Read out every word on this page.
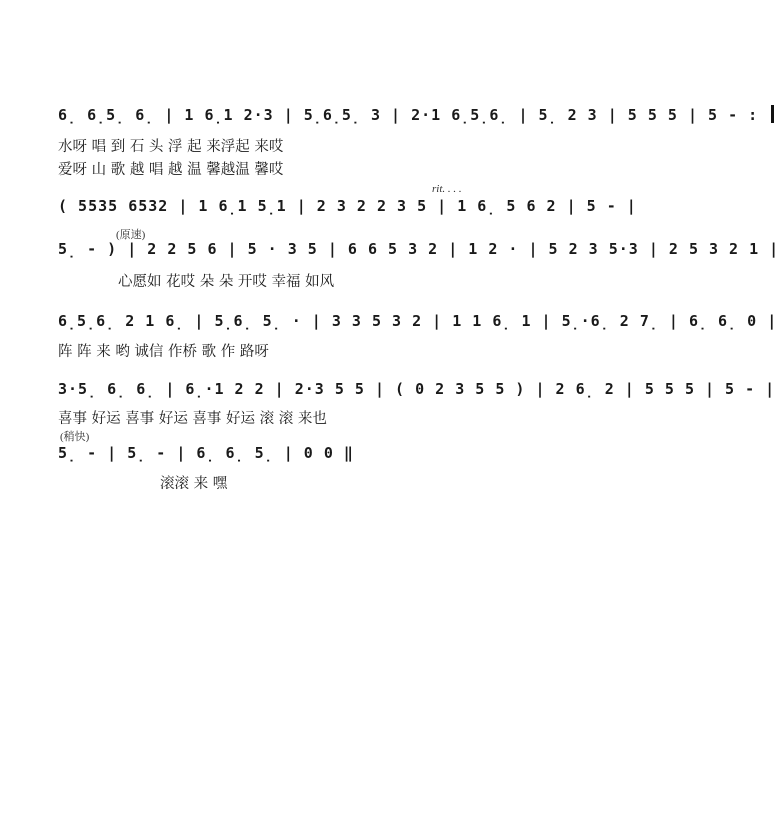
6̣ 6̣5̣ 6̣ | 1 6̣1 2·3 | 5̣6̣5̣ 3 | 2·1 6̣5̣6̣ | 5̣ 2 3 | 5 5 5 | 5 - :
水呀 唱 到 石 头 浮 起 来浮起 来哎
爱呀 山 歌 越 唱 越 温 馨越温 馨哎
rit. . . .
( 5535 6532 | 1 6̣1 5̣1 | 2 3 2 2 3 5 | 1 6̣ 5 6 2 | 5 - |
(原速)
5̣ - ) | 2 2 5 6 | 5 · 3 5 | 6 6 5 3 2 | 1 2 · | 5 2 3 5·3 | 2 5 3 2 1 |
心愿如 花哎 朵 朵 开哎 幸福 如风
6̣5̣6̣ 2 1 6̣ | 5̣6̣ 5̣ · | 3 3 5 3 2 | 1 1 6̣ 1 | 5̣·6̣ 2 7̣ | 6̣ 6̣ 0 |
阵 阵 来 哟 诚信 作桥 歌 作 路呀
3·5̣ 6̣ 6̣ | 6̣·1 2 2 | 2·3 5 5 | ( 0 2 3 5 5 ) | 2 6̣ 2 | 5 5 5 | 5 - |
喜事 好运 喜事 好运 喜事 好运 滚 滚 来也
(稍快)
5̣ - | 5̣ - | 6̣ 6̣ 5̣ | 0 0 ‖
滚滚 来 嘿
